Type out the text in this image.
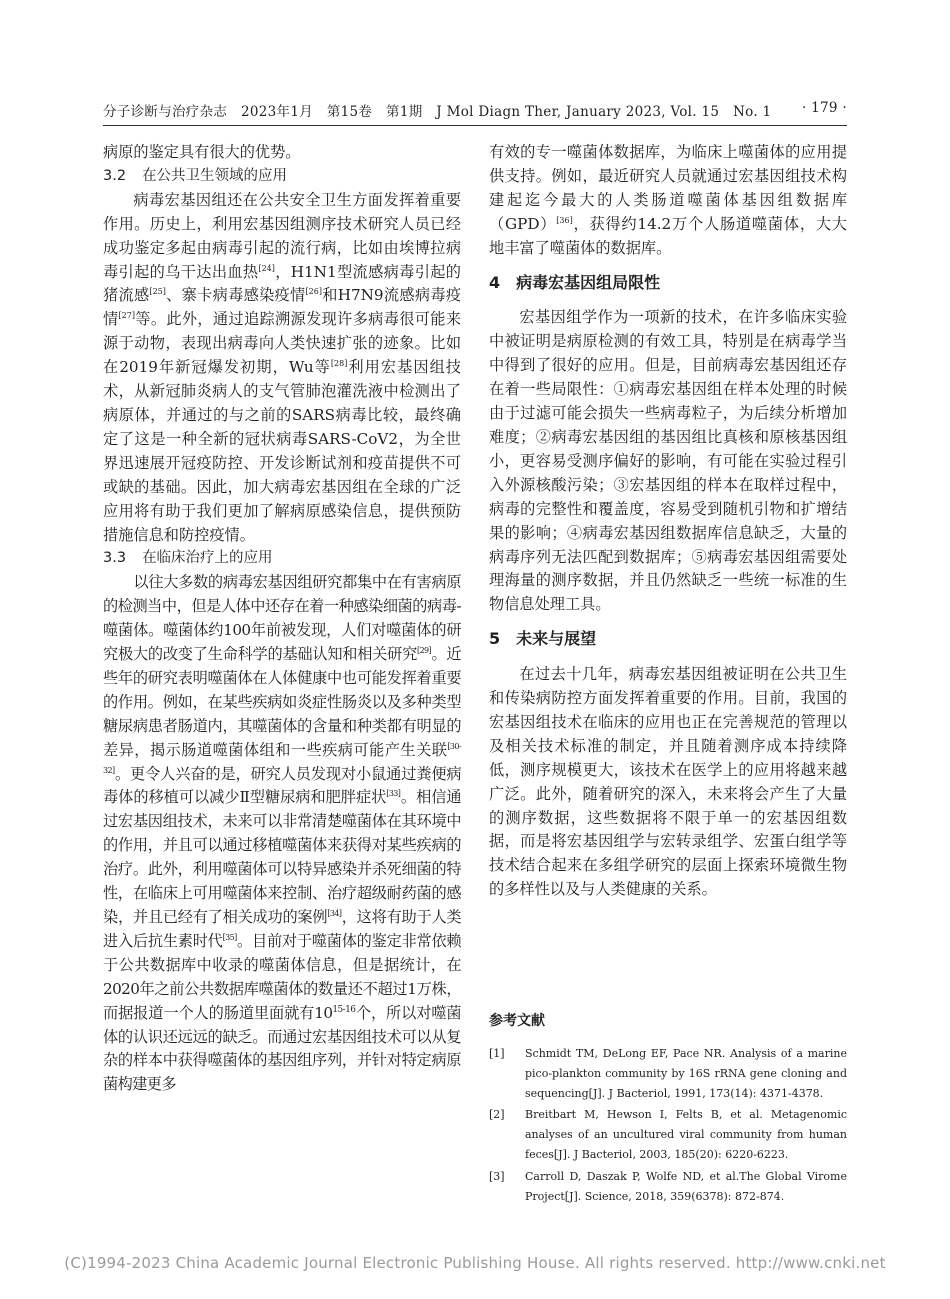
分子诊断与治疗杂志　2023年1月　第15卷　第1期　J Mol Diagn Ther, January 2023, Vol. 15　No. 1 · 179 ·
病原的鉴定具有很大的优势。
3.2 在公共卫生领域的应用
病毒宏基因组还在公共安全卫生方面发挥着重要作用。历史上，利用宏基因组测序技术研究人员已经成功鉴定多起由病毒引起的流行病，比如由埃博拉病毒引起的乌干达出血热[24]，H1N1型流感病毒引起的猪流感[25]、寨卡病毒感染疫情[26]和H7N9流感病毒疫情[27]等。此外，通过追踪溯源发现许多病毒很可能来源于动物，表现出病毒向人类快速扩张的迹象。比如在2019年新冠爆发初期，Wu等[28]利用宏基因组技术，从新冠肺炎病人的支气管肺泡灌洗液中检测出了病原体，并通过的与之前的SARS病毒比较，最终确定了这是一种全新的冠状病毒SARS-CoV2，为全世界迅速展开冠疫防控、开发诊断试剂和疫苗提供不可或缺的基础。因此，加大病毒宏基因组在全球的广泛应用将有助于我们更加了解病原感染信息，提供预防措施信息和防控疫情。
3.3 在临床治疗上的应用
以往大多数的病毒宏基因组研究都集中在有害病原的检测当中，但是人体中还存在着一种感染细菌的病毒-噬菌体。噬菌体约100年前被发现，人们对噬菌体的研究极大的改变了生命科学的基础认知和相关研究[29]。近些年的研究表明噬菌体在人体健康中也可能发挥着重要的作用。例如，在某些疾病如炎症性肠炎以及多种类型糖尿病患者肠道内，其噬菌体的含量和种类都有明显的差异，揭示肠道噬菌体组和一些疾病可能产生关联[30-32]。更令人兴奋的是，研究人员发现对小鼠通过粪便病毒体的移植可以减少Ⅱ型糖尿病和肥胖症状[33]。相信通过宏基因组技术，未来可以非常清楚噬菌体在其环境中的作用，并且可以通过移植噬菌体来获得对某些疾病的治疗。此外，利用噬菌体可以特异感染并杀死细菌的特性，在临床上可用噬菌体来控制、治疗超级耐药菌的感染，并且已经有了相关成功的案例[34]，这将有助于人类进入后抗生素时代[35]。目前对于噬菌体的鉴定非常依赖于公共数据库中收录的噬菌体信息，但是据统计，在2020年之前公共数据库噬菌体的数量还不超过1万株，而据报道一个人的肠道里面就有10$^{15-16}$个，所以对噬菌体的认识还远远的缺乏。而通过宏基因组技术可以从复杂的样本中获得噬菌体的基因组序列，并针对特定病原菌构建更多
有效的专一噬菌体数据库，为临床上噬菌体的应用提供支持。例如，最近研究人员就通过宏基因组技术构建起迄今最大的人类肠道噬菌体基因组数据库（GPD）[36]，获得约14.2万个人肠道噬菌体，大大地丰富了噬菌体的数据库。
4 病毒宏基因组局限性
宏基因组学作为一项新的技术，在许多临床实验中被证明是病原检测的有效工具，特别是在病毒学当中得到了很好的应用。但是，目前病毒宏基因组还存在着一些局限性：①病毒宏基因组在样本处理的时候由于过滤可能会损失一些病毒粒子，为后续分析增加难度；②病毒宏基因组的基因组比真核和原核基因组小，更容易受测序偏好的影响，有可能在实验过程引入外源核酸污染；③宏基因组的样本在取样过程中，病毒的完整性和覆盖度，容易受到随机引物和扩增结果的影响；④病毒宏基因组数据库信息缺乏，大量的病毒序列无法匹配到数据库；⑤病毒宏基因组需要处理海量的测序数据，并且仍然缺乏一些统一标准的生物信息处理工具。
5 未来与展望
在过去十几年，病毒宏基因组被证明在公共卫生和传染病防控方面发挥着重要的作用。目前，我国的宏基因组技术在临床的应用也正在完善规范的管理以及相关技术标准的制定，并且随着测序成本持续降低，测序规模更大，该技术在医学上的应用将越来越广泛。此外，随着研究的深入，未来将会产生了大量的测序数据，这些数据将不限于单一的宏基因组数据，而是将宏基因组学与宏转录组学、宏蛋白组学等技术结合起来在多组学研究的层面上探索环境微生物的多样性以及与人类健康的关系。
参考文献
[1]	Schmidt TM, DeLong EF, Pace NR. Analysis of a marine pico-plankton community by 16S rRNA gene cloning and sequencing[J]. J Bacteriol, 1991, 173(14): 4371-4378.
[2]	Breitbart M, Hewson I, Felts B, et al. Metagenomic analyses of an uncultured viral community from human feces[J]. J Bacteriol, 2003, 185(20): 6220-6223.
[3]	Carroll D, Daszak P, Wolfe ND, et al.The Global Virome Project[J]. Science, 2018, 359(6378): 872-874.
(C)1994-2023 China Academic Journal Electronic Publishing House. All rights reserved. http://www.cnki.net
